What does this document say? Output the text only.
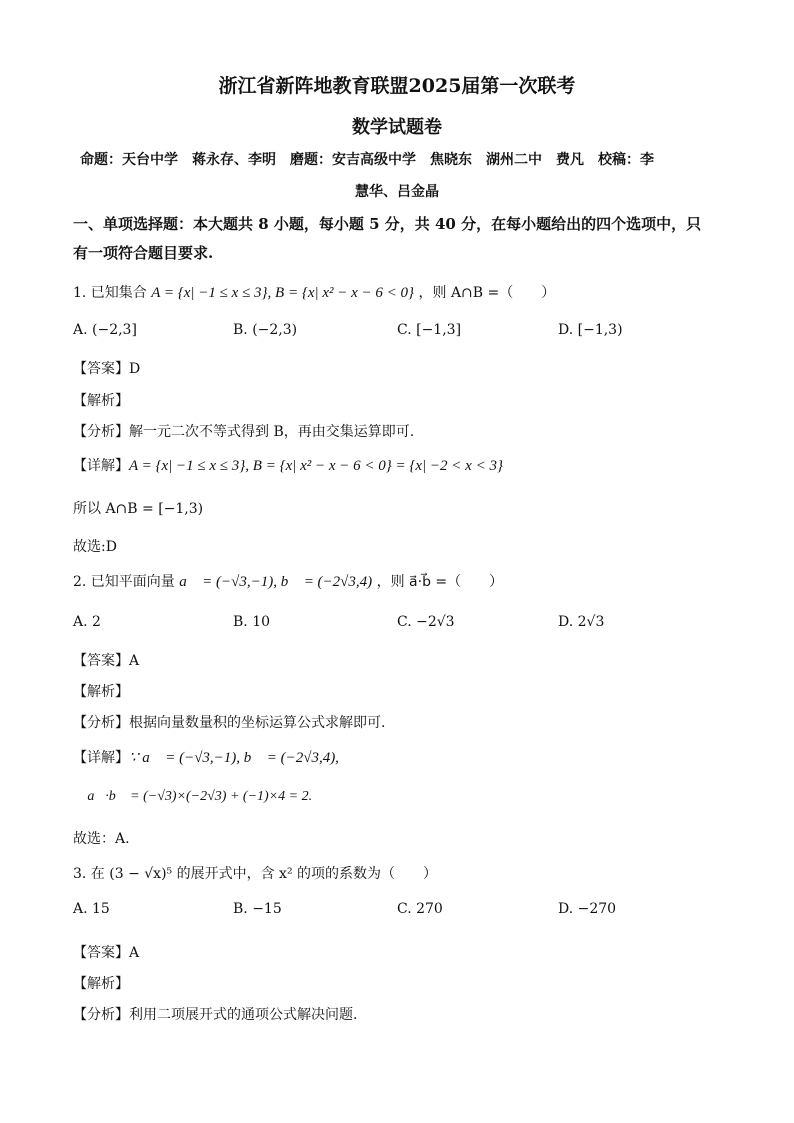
浙江省新阵地教育联盟2025届第一次联考
数学试题卷
命题：天台中学　蒋永存、李明　磨题：安吉高级中学　焦晓东　湖州二中　费凡　校稿：李
慧华、吕金晶
一、单项选择题：本大题共 8 小题，每小题 5 分，共 40 分，在每小题给出的四个选项中，只
有一项符合题目要求.
1. 已知集合 A = {x| −1 ≤ x ≤ 3}, B = {x| x² − x − 6 < 0} ，则 A∩B =（　　）
A. (−2,3]	B. (−2,3)	C. [−1,3]	D. [−1,3)
【答案】D
【解析】
【分析】解一元二次不等式得到 B，再由交集运算即可.
【详解】A = {x| −1 ≤ x ≤ 3}, B = {x| x² − x − 6 < 0} = {x| −2 < x < 3}
所以 A∩B = [−1,3)
故选:D
2. 已知平面向量 a⃗ = (−√3,−1), b⃗ = (−2√3,4) ，则 a⃗·b⃗ =（　　）
A. 2	B. 10	C. −2√3	D. 2√3
【答案】A
【解析】
【分析】根据向量数量积的坐标运算公式求解即可.
【详解】∵ a⃗ = (−√3,−1), b⃗ = (−2√3,4),
∴ a⃗·b⃗ = (−√3)×(−2√3) + (−1)×4 = 2.
故选：A.
3. 在 (3 − √x)⁵ 的展开式中，含 x² 的项的系数为（　　）
A. 15	B. −15	C. 270	D. −270
【答案】A
【解析】
【分析】利用二项展开式的通项公式解决问题.
